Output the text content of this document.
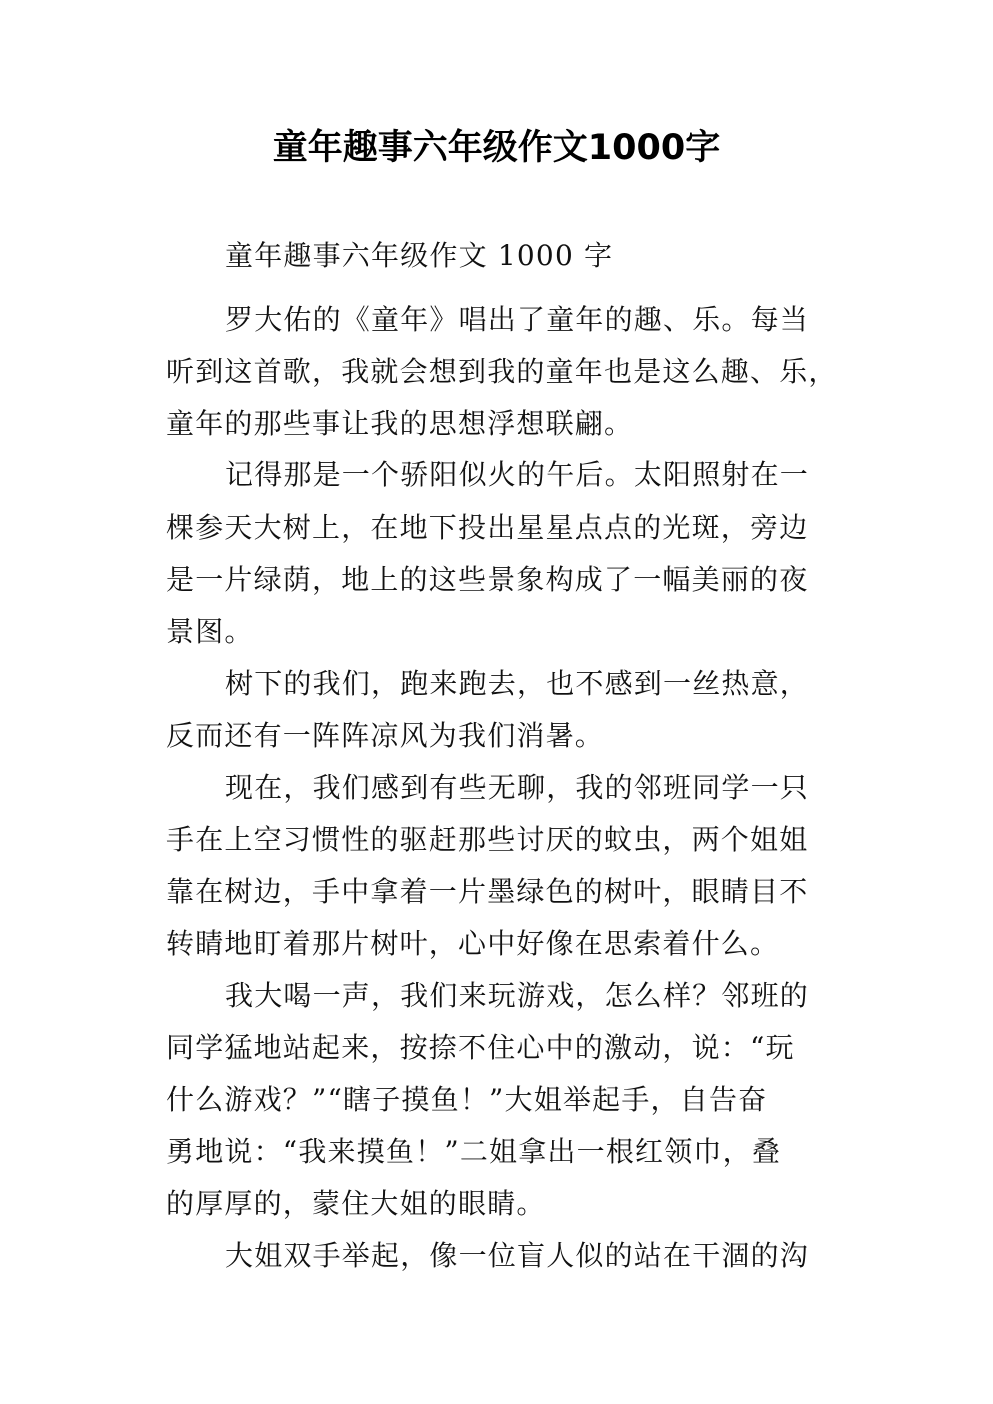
童年趣事六年级作文1000字

童年趣事六年级作文 1000 字

罗大佑的《童年》唱出了童年的趣、乐。每当

听到这首歌，我就会想到我的童年也是这么趣、乐，

童年的那些事让我的思想浮想联翩。

记得那是一个骄阳似火的午后。太阳照射在一

棵参天大树上，在地下投出星星点点的光斑，旁边

是一片绿荫，地上的这些景象构成了一幅美丽的夜

景图。

树下的我们，跑来跑去，也不感到一丝热意，

反而还有一阵阵凉风为我们消暑。

现在，我们感到有些无聊，我的邻班同学一只

手在上空习惯性的驱赶那些讨厌的蚊虫，两个姐姐

靠在树边，手中拿着一片墨绿色的树叶，眼睛目不

转睛地盯着那片树叶，心中好像在思索着什么。

我大喝一声，我们来玩游戏，怎么样？邻班的

同学猛地站起来，按捺不住心中的激动，说：“玩

什么游戏？”“瞎子摸鱼！”大姐举起手，自告奋

勇地说：“我来摸鱼！”二姐拿出一根红领巾，叠

的厚厚的，蒙住大姐的眼睛。

大姐双手举起，像一位盲人似的站在干涸的沟
